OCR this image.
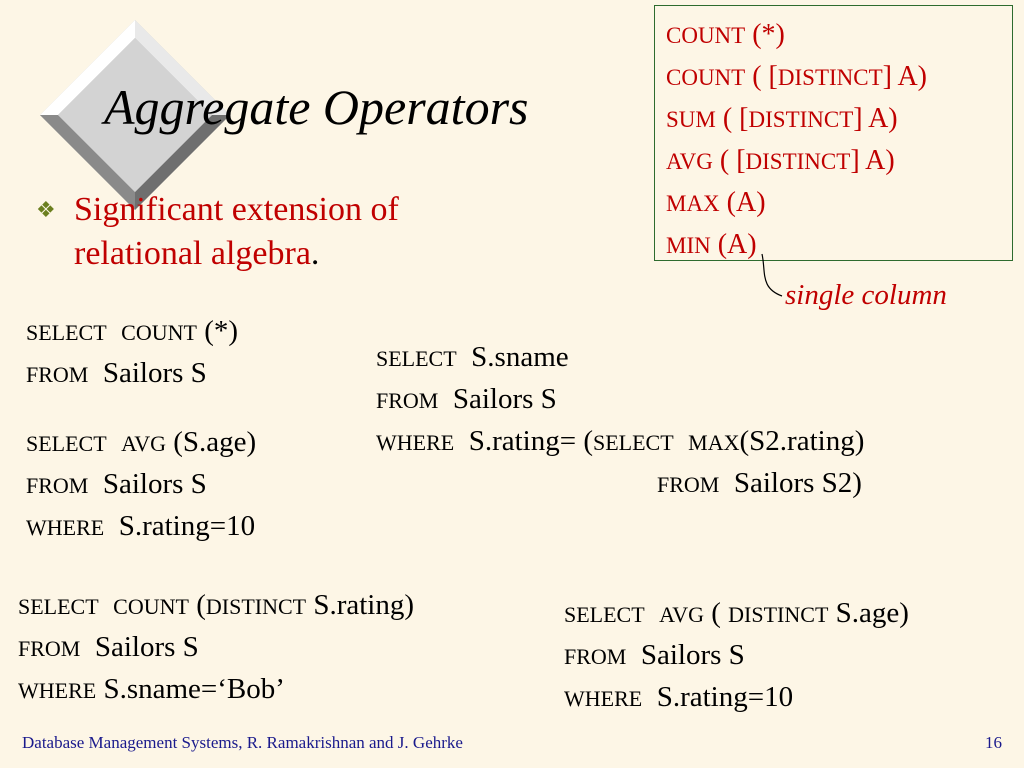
Aggregate Operators
❖ Significant extension of
relational algebra.
COUNT (*)
COUNT ( [DISTINCT] A)
SUM ( [DISTINCT] A)
AVG ( [DISTINCT] A)
MAX (A)
MIN (A)
single column
SELECT COUNT (*)
FROM Sailors S
SELECT AVG (S.age)
FROM Sailors S
WHERE S.rating=10
SELECT S.sname
FROM Sailors S
WHERE S.rating= (SELECT MAX(S2.rating)
FROM Sailors S2)
SELECT COUNT (DISTINCT S.rating)
FROM Sailors S
WHERE S.sname=‘Bob’
SELECT AVG ( DISTINCT S.age)
FROM Sailors S
WHERE S.rating=10
Database Management Systems, R. Ramakrishnan and J. Gehrke	16
